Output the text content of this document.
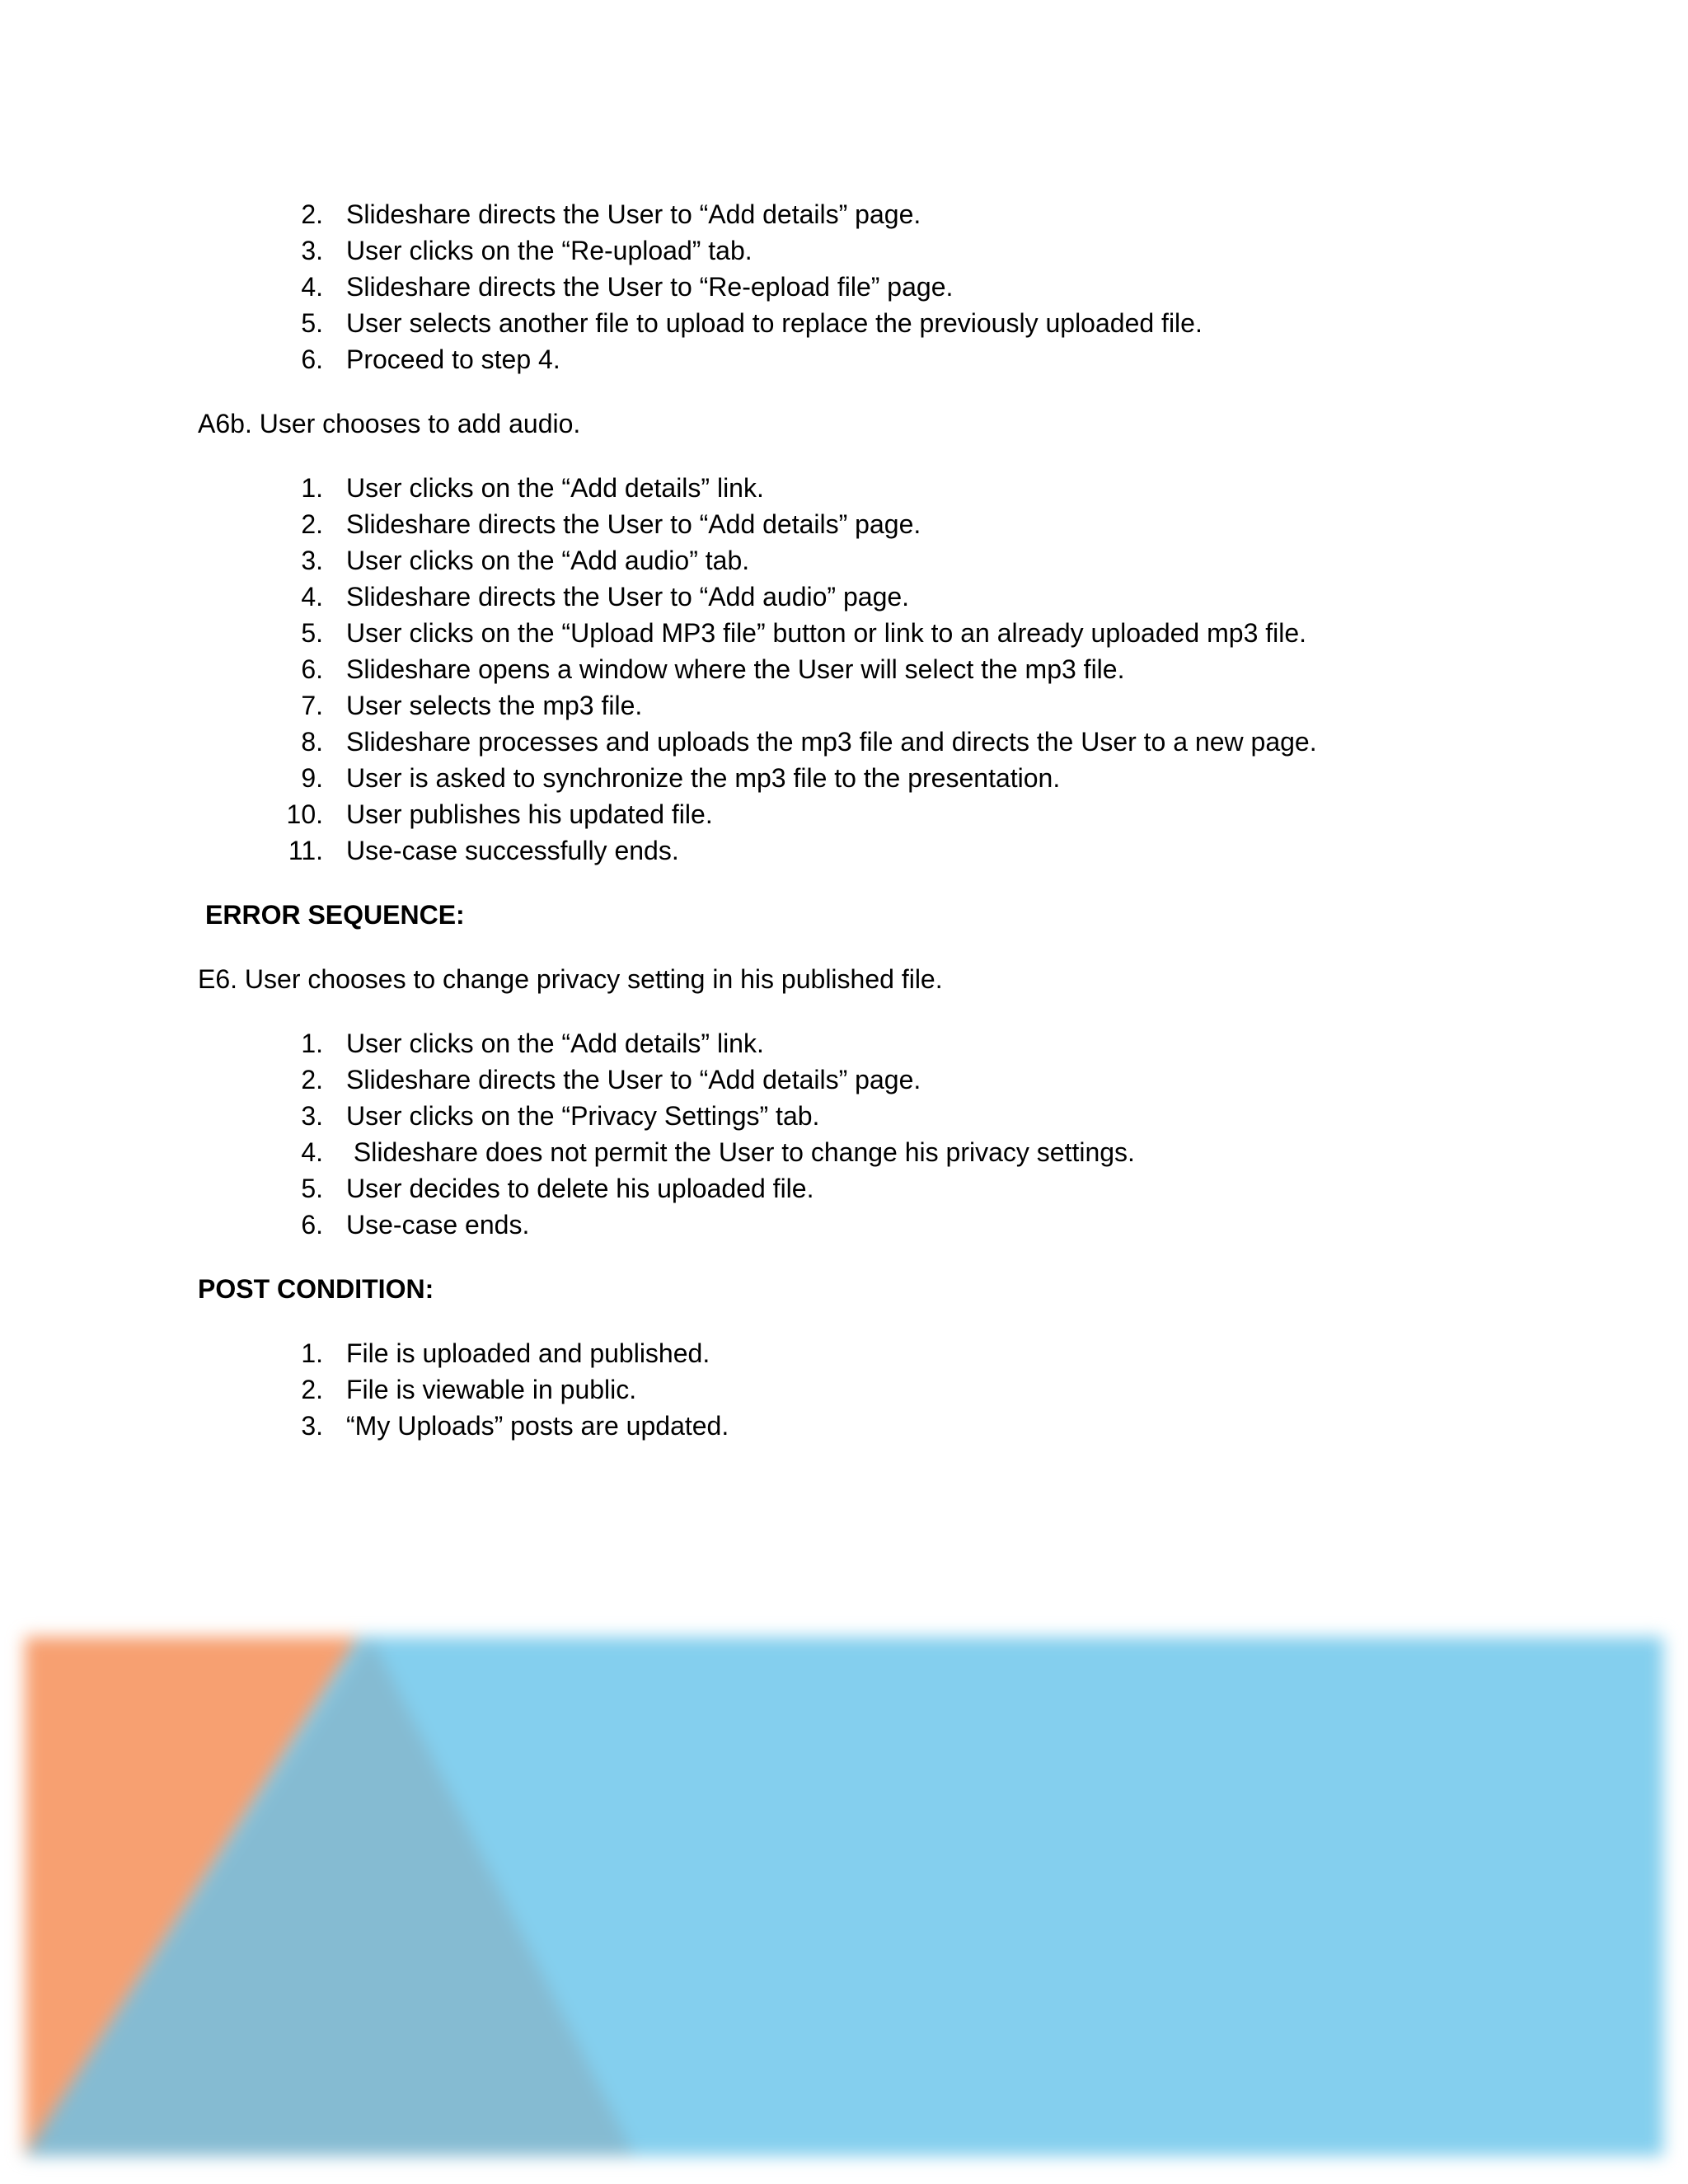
2. Slideshare directs the User to “Add details” page.
3. User clicks on the “Re-upload” tab.
4. Slideshare directs the User to “Re-epload file” page.
5. User selects another file to upload to replace the previously uploaded file.
6. Proceed to step 4.
A6b. User chooses to add audio.
1. User clicks on the “Add details” link.
2. Slideshare directs the User to “Add details” page.
3. User clicks on the “Add audio” tab.
4. Slideshare directs the User to “Add audio” page.
5. User clicks on the “Upload MP3 file” button or link to an already uploaded mp3 file.
6. Slideshare opens a window where the User will select the mp3 file.
7. User selects the mp3 file.
8. Slideshare processes and uploads the mp3 file and directs the User to a new page.
9. User is asked to synchronize the mp3 file to the presentation.
10. User publishes his updated file.
11. Use-case successfully ends.
ERROR SEQUENCE:
E6. User chooses to change privacy setting in his published file.
1. User clicks on the “Add details” link.
2. Slideshare directs the User to “Add details” page.
3. User clicks on the “Privacy Settings” tab.
4. Slideshare does not permit the User to change his privacy settings.
5. User decides to delete his uploaded file.
6. Use-case ends.
POST CONDITION:
1. File is uploaded and published.
2. File is viewable in public.
3. “My Uploads” posts are updated.
